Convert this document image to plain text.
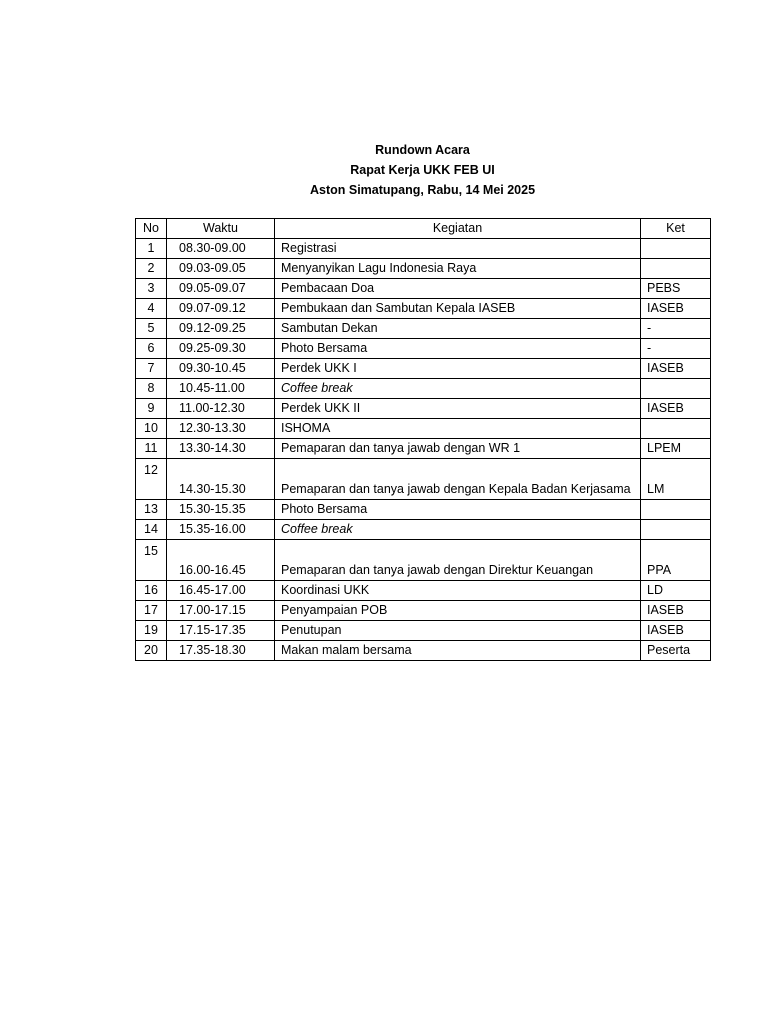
Rundown Acara
Rapat Kerja UKK FEB UI
Aston Simatupang, Rabu, 14 Mei 2025
No	Waktu	Kegiatan	Ket
1	08.30-09.00	Registrasi	
2	09.03-09.05	Menyanyikan Lagu Indonesia Raya	
3	09.05-09.07	Pembacaan Doa	PEBS
4	09.07-09.12	Pembukaan dan Sambutan Kepala IASEB	IASEB
5	09.12-09.25	Sambutan Dekan	-
6	09.25-09.30	Photo Bersama	-
7	09.30-10.45	Perdek UKK I	IASEB
8	10.45-11.00	Coffee break	
9	11.00-12.30	Perdek UKK II	IASEB
10	12.30-13.30	ISHOMA	
11	13.30-14.30	Pemaparan dan tanya jawab dengan WR 1	LPEM
12	14.30-15.30	Pemaparan dan tanya jawab dengan Kepala Badan Kerjasama	LM
13	15.30-15.35	Photo Bersama	
14	15.35-16.00	Coffee break	
15	16.00-16.45	Pemaparan dan tanya jawab dengan Direktur Keuangan	PPA
16	16.45-17.00	Koordinasi UKK	LD
17	17.00-17.15	Penyampaian POB	IASEB
19	17.15-17.35	Penutupan	IASEB
20	17.35-18.30	Makan malam bersama	Peserta
